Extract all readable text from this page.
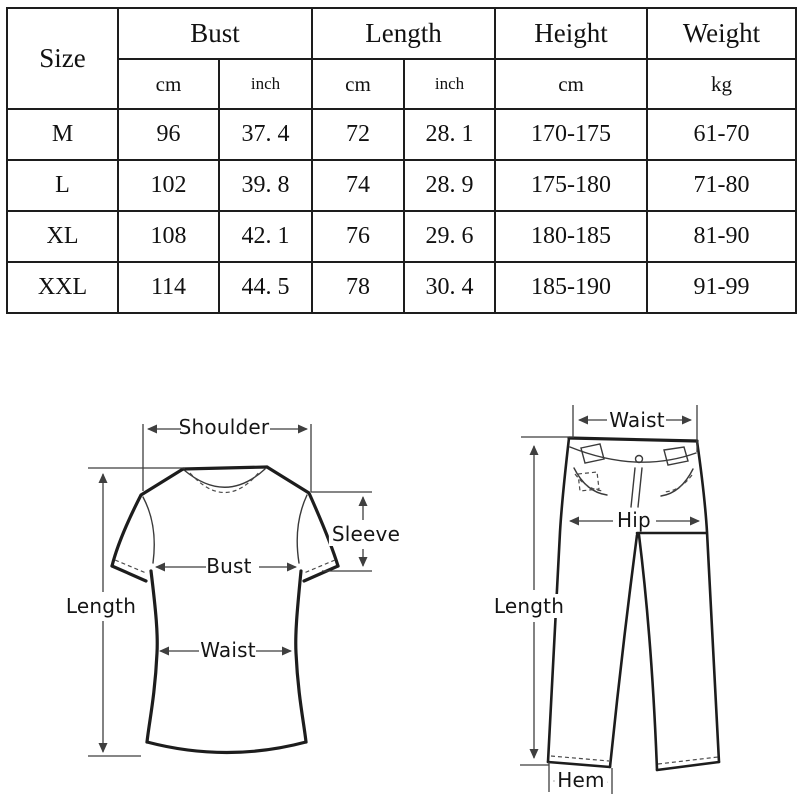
Size	Bust		Length		Height	Weight
	cm	inch	cm	inch	cm	kg
M	96	37. 4	72	28. 1	170-175	61-70
L	102	39. 8	74	28. 9	175-180	71-80
XL	108	42. 1	76	29. 6	180-185	81-90
XXL	114	44. 5	78	30. 4	185-190	91-99
Shoulder
Sleeve
Bust
Length
Waist
Waist
Hip
Length
Hem
